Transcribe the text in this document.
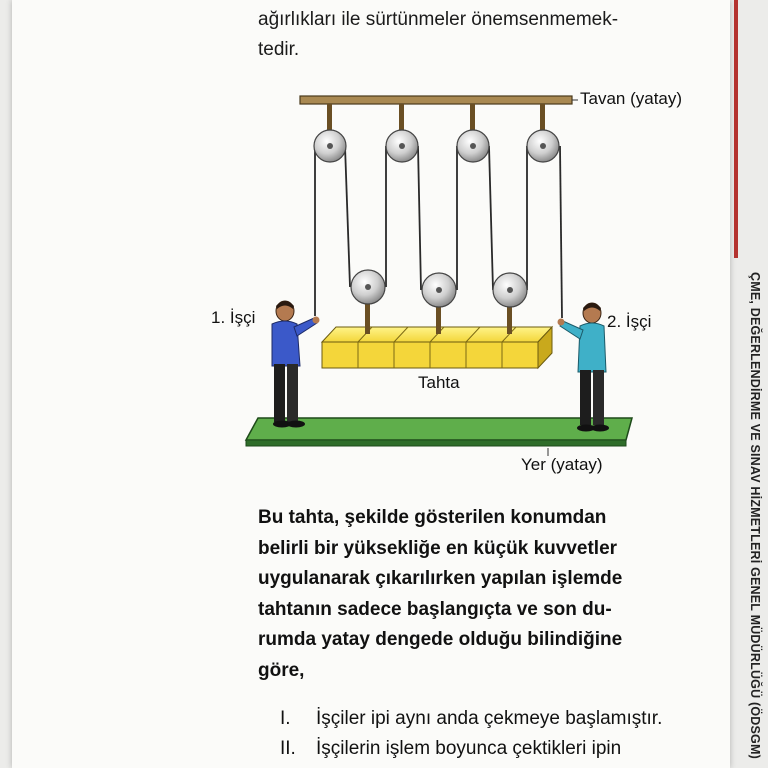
ağırlıkları ile sürtünmeler önemsenmemek-
tedir.
Tavan (yatay)
1. İşçi	2. İşçi
Tahta
Yer (yatay)
Bu tahta, şekilde gösterilen konumdan
belirli bir yüksekliğe en küçük kuvvetler
uygulanarak çıkarılırken yapılan işlemde
tahtanın sadece başlangıçta ve son du-
rumda yatay dengede olduğu bilindiğine
göre,
I.	İşçiler ipi aynı anda çekmeye başlamıştır.
II.	İşçilerin işlem boyunca çektikleri ipin	ÇME, DEĞERLENDİRME VE SINAV HİZMETLERİ GENEL MÜDÜRLÜĞÜ (ÖDSGM)
